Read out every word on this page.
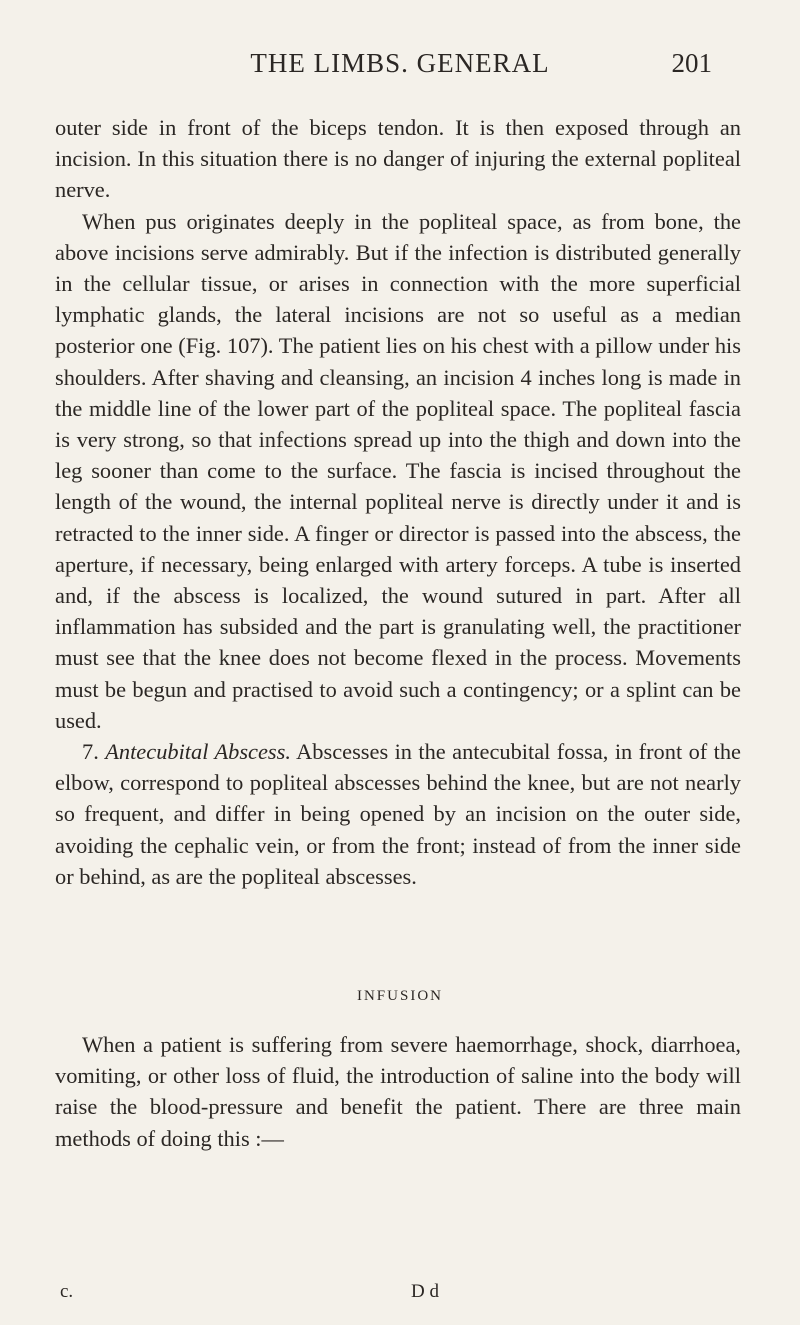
THE LIMBS. GENERAL	201

outer side in front of the biceps tendon. It is then exposed through an incision. In this situation there is no danger of injuring the external popliteal nerve.

When pus originates deeply in the popliteal space, as from bone, the above incisions serve admirably. But if the infection is distributed generally in the cellular tissue, or arises in connection with the more superficial lymphatic glands, the lateral incisions are not so useful as a median posterior one (Fig. 107). The patient lies on his chest with a pillow under his shoulders. After shaving and cleansing, an incision 4 inches long is made in the middle line of the lower part of the popliteal space. The popliteal fascia is very strong, so that infections spread up into the thigh and down into the leg sooner than come to the surface. The fascia is incised throughout the length of the wound, the internal popliteal nerve is directly under it and is retracted to the inner side. A finger or director is passed into the abscess, the aperture, if necessary, being enlarged with artery forceps. A tube is inserted and, if the abscess is localized, the wound sutured in part. After all inflammation has subsided and the part is granulating well, the practitioner must see that the knee does not become flexed in the process. Movements must be begun and practised to avoid such a contingency; or a splint can be used.

7. Antecubital Abscess. Abscesses in the antecubital fossa, in front of the elbow, correspond to popliteal abscesses behind the knee, but are not nearly so frequent, and differ in being opened by an incision on the outer side, avoiding the cephalic vein, or from the front; instead of from the inner side or behind, as are the popliteal abscesses.

INFUSION

When a patient is suffering from severe haemorrhage, shock, diarrhoea, vomiting, or other loss of fluid, the introduction of saline into the body will raise the blood-pressure and benefit the patient. There are three main methods of doing this :—

c.	D d
